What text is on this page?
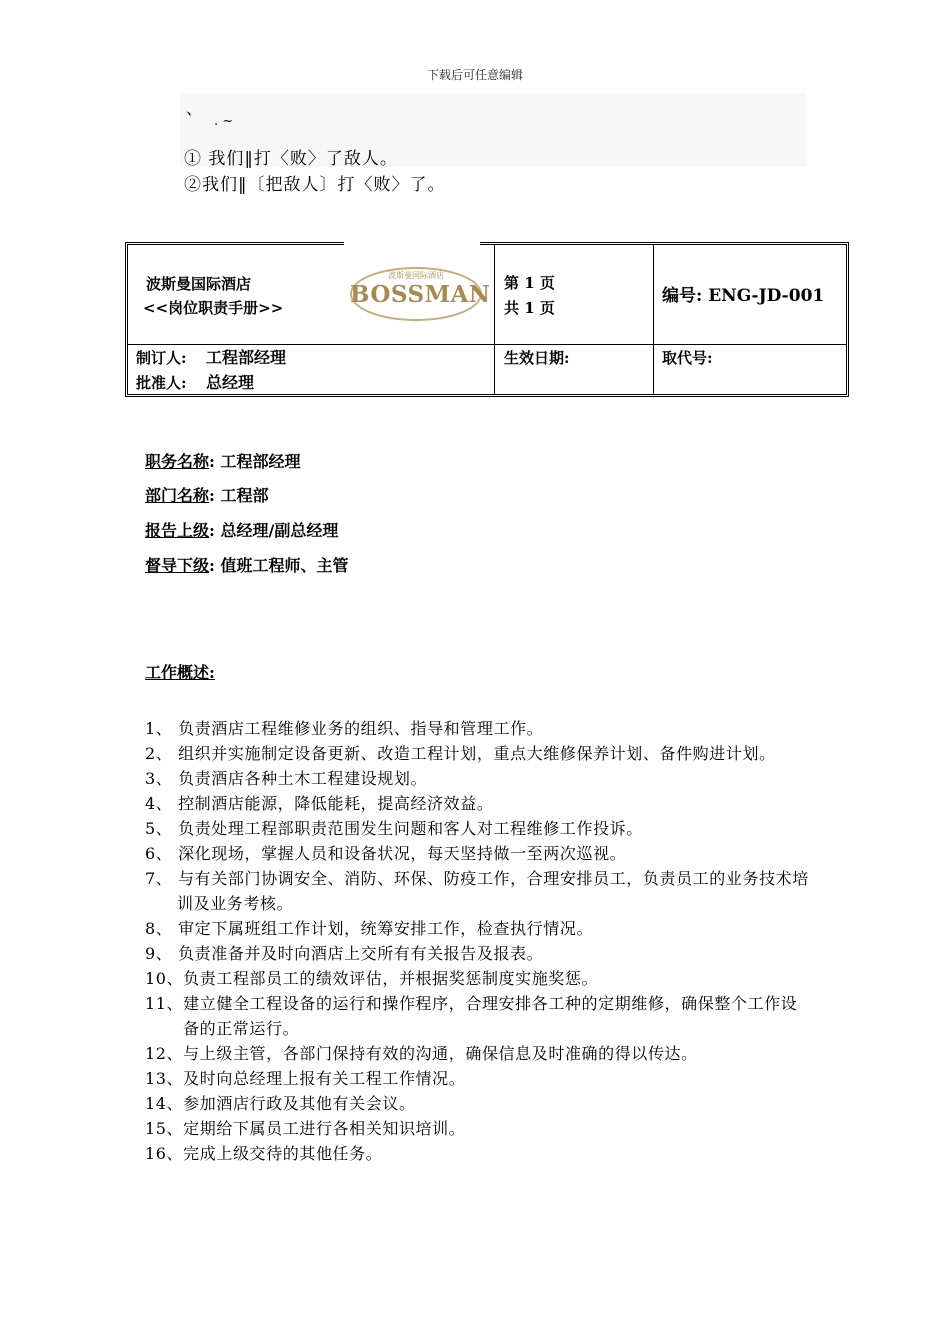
下载后可任意编辑
、
. ~
① 我们‖打〈败〉了敌人。
②我们‖〔把敌人〕打〈败〉了。
波斯曼国际酒店
<<岗位职责手册>>
波斯曼国际酒店
BOSSMAN 第 1 页
共 1 页
编号: ENG-JD-001
制订人: 工程部经理
批准人: 总经理
生效日期:	取代号:
职务名称: 工程部经理
部门名称: 工程部
报告上级: 总经理/副总经理
督导下级: 值班工程师、主管
工作概述:
1、 负责酒店工程维修业务的组织、指导和管理工作。
2、 组织并实施制定设备更新、改造工程计划，重点大维修保养计划、备件购进计划。
3、 负责酒店各种土木工程建设规划。
4、 控制酒店能源，降低能耗，提高经济效益。
5、 负责处理工程部职责范围发生问题和客人对工程维修工作投诉。
6、 深化现场，掌握人员和设备状况，每天坚持做一至两次巡视。
7、 与有关部门协调安全、消防、环保、防疫工作，合理安排员工，负责员工的业务技术培训及业务考核。
8、 审定下属班组工作计划，统筹安排工作，检查执行情况。
9、 负责准备并及时向酒店上交所有有关报告及报表。
10、负责工程部员工的绩效评估，并根据奖惩制度实施奖惩。
11、建立健全工程设备的运行和操作程序，合理安排各工种的定期维修，确保整个工作设备的正常运行。
12、与上级主管，各部门保持有效的沟通，确保信息及时准确的得以传达。
13、及时向总经理上报有关工程工作情况。
14、参加酒店行政及其他有关会议。
15、定期给下属员工进行各相关知识培训。
16、完成上级交待的其他任务。
